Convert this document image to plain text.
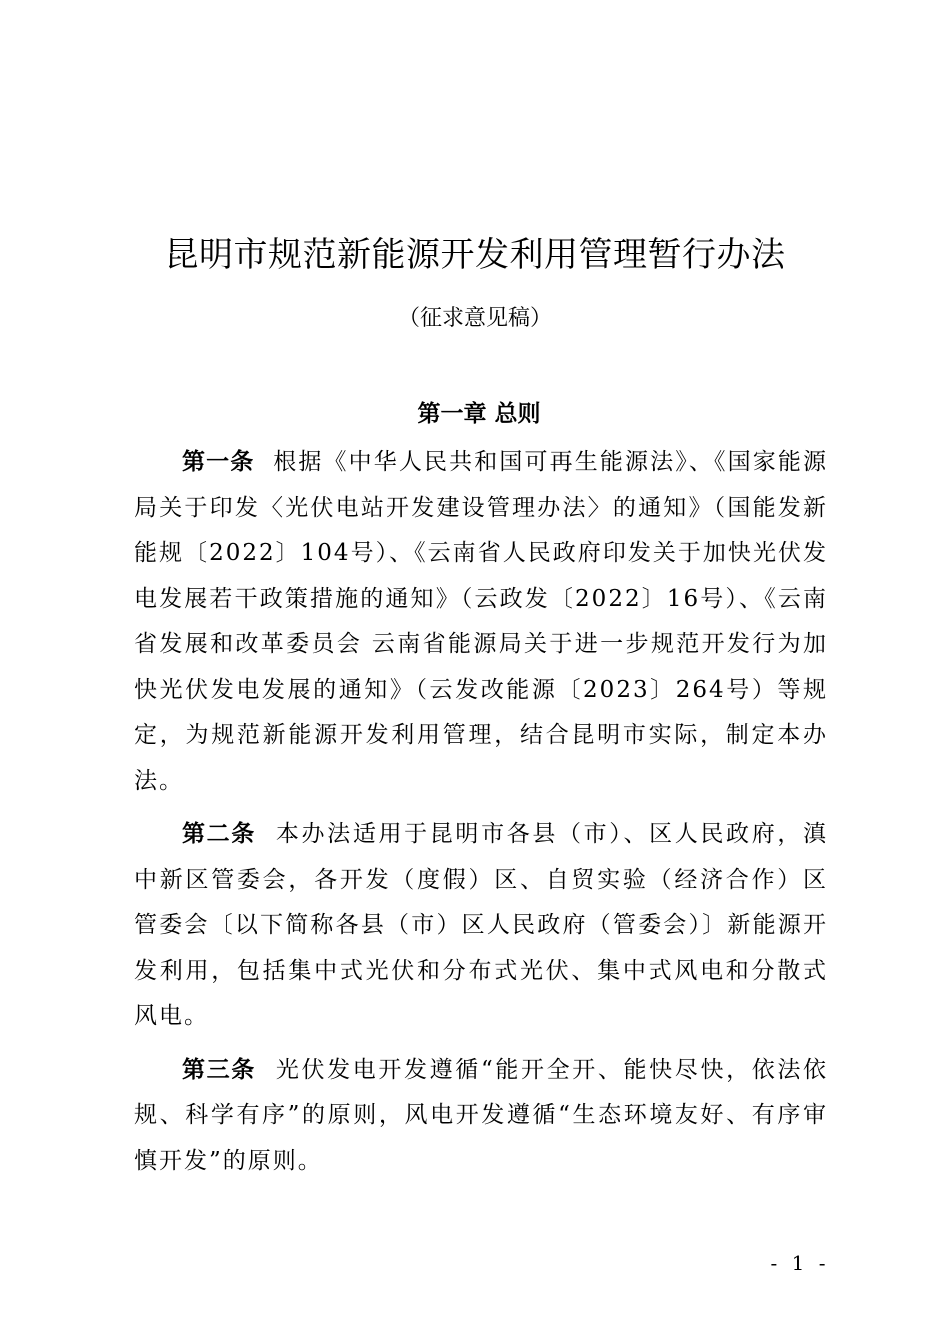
昆明市规范新能源开发利用管理暂行办法
（征求意见稿）
第一章 总则

第一条 根据《中华人民共和国可再生能源法》、《国家能源局关于印发〈光伏电站开发建设管理办法〉的通知》（国能发新能规〔2022〕104号）、《云南省人民政府印发关于加快光伏发电发展若干政策措施的通知》（云政发〔2022〕16号）、《云南省发展和改革委员会 云南省能源局关于进一步规范开发行为加快光伏发电发展的通知》（云发改能源〔2023〕264号）等规定，为规范新能源开发利用管理，结合昆明市实际，制定本办法。

第二条 本办法适用于昆明市各县（市）、区人民政府，滇中新区管委会，各开发（度假）区、自贸实验（经济合作）区管委会〔以下简称各县（市）区人民政府（管委会）〕新能源开发利用，包括集中式光伏和分布式光伏、集中式风电和分散式风电。

第三条 光伏发电开发遵循“能开全开、能快尽快，依法依规、科学有序”的原则，风电开发遵循“生态环境友好、有序审慎开发”的原则。

- 1 -
